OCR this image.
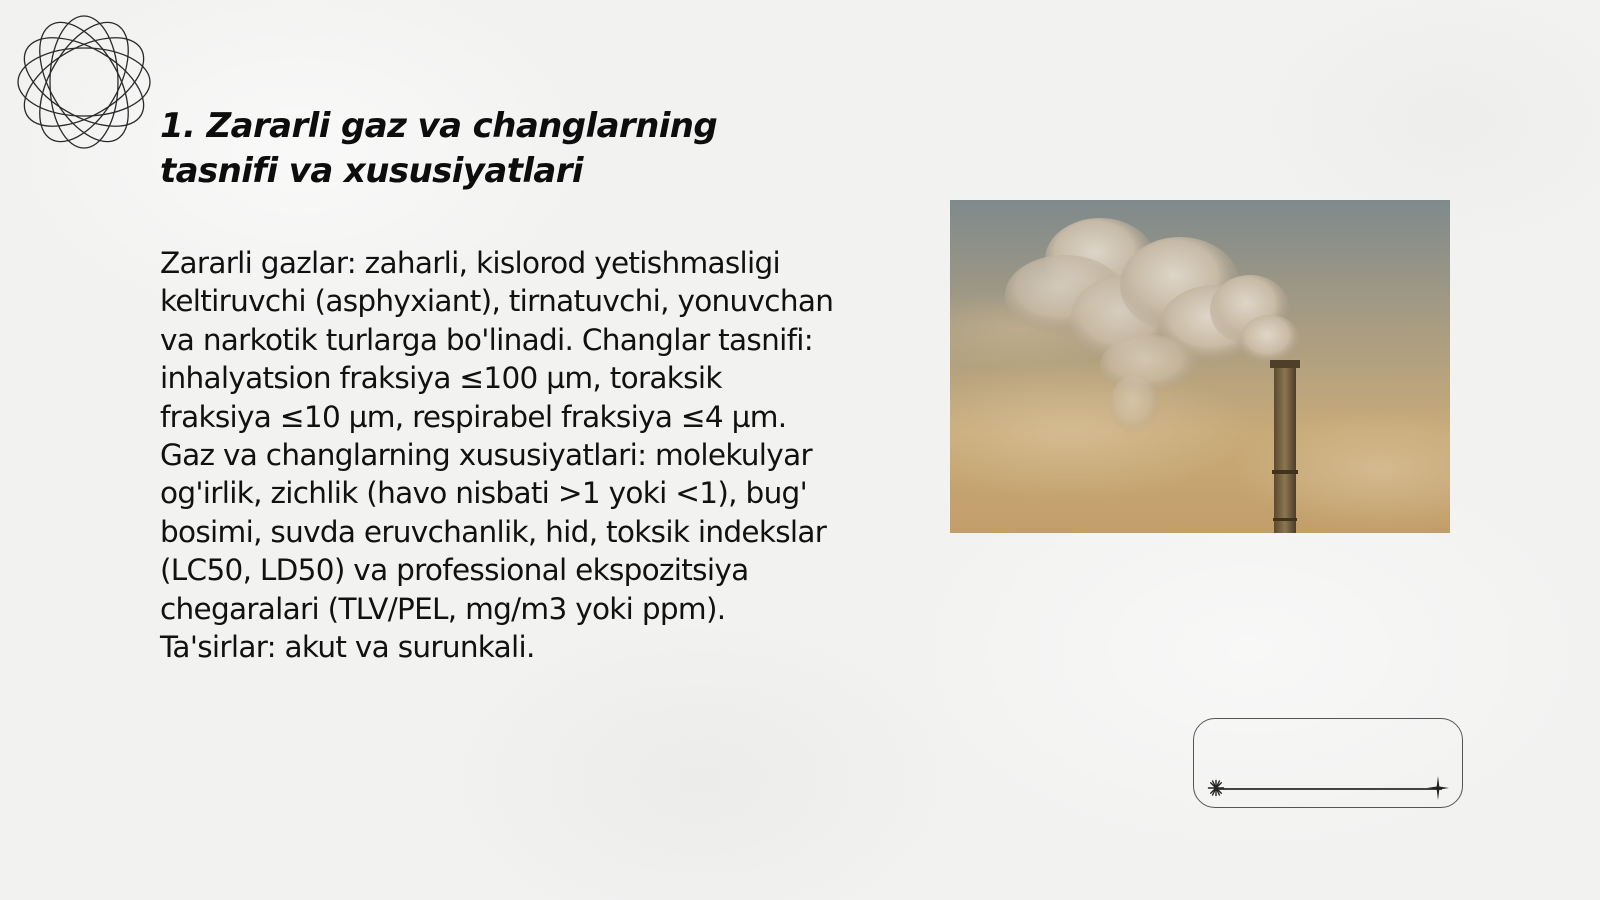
1. Zararli gaz va changlarning tasnifi va xususiyatlari

Zararli gazlar: zaharli, kislorod yetishmasligi keltiruvchi (asphyxiant), tirnatuvchi, yonuvchan va narkotik turlarga bo'linadi. Changlar tasnifi: inhalyatsion fraksiya ≤100 µm, toraksik fraksiya ≤10 µm, respirabel fraksiya ≤4 µm. Gaz va changlarning xususiyatlari: molekulyar og'irlik, zichlik (havo nisbati >1 yoki <1), bug' bosimi, suvda eruvchanlik, hid, toksik indekslar (LC50, LD50) va professional ekspozitsiya chegaralari (TLV/PEL, mg/m3 yoki ppm). Ta'sirlar: akut va surunkali.
